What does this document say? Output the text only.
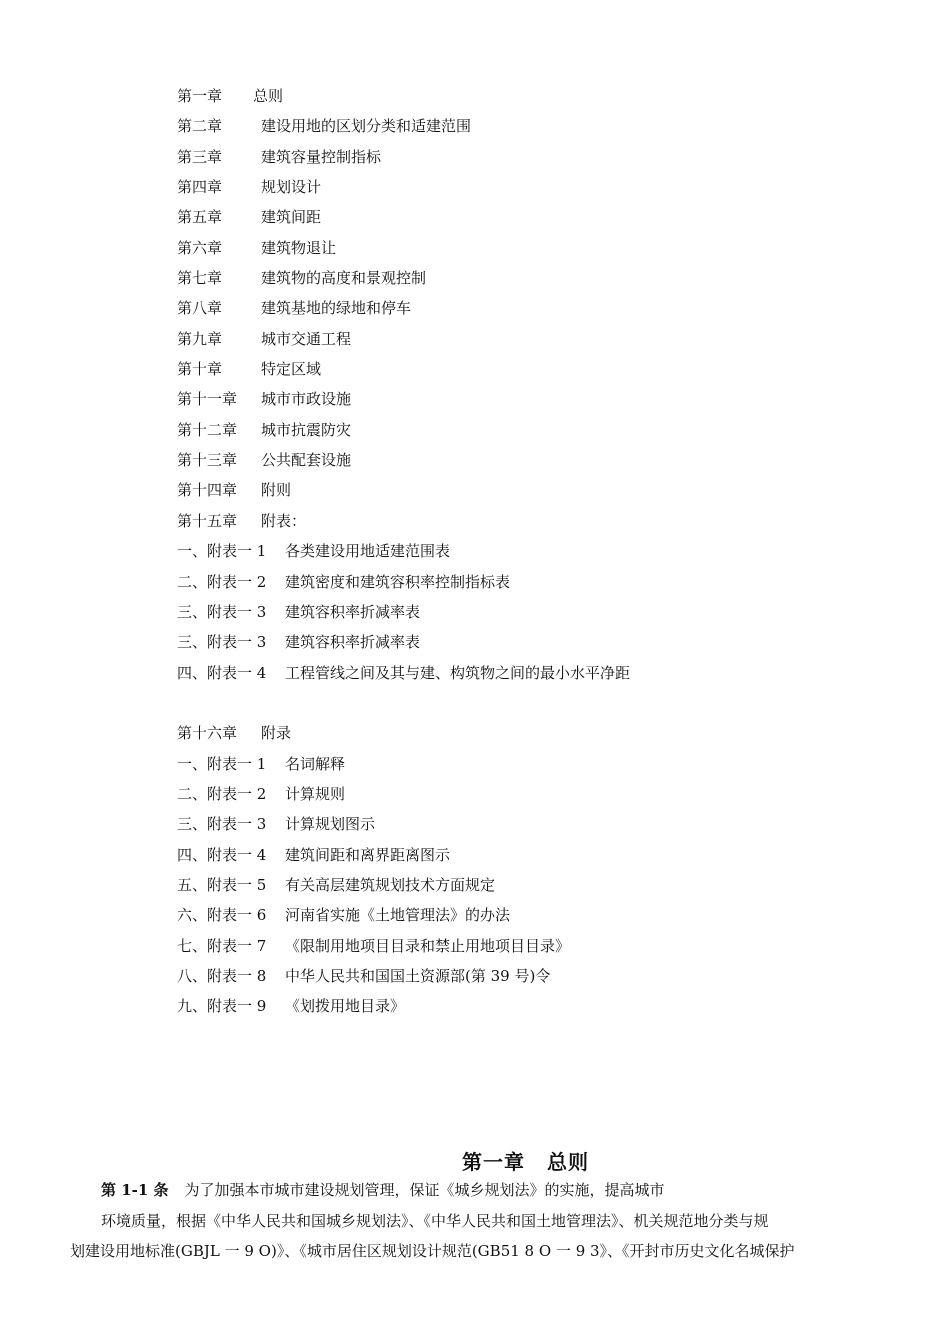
第一章 总则
第二章	建设用地的区划分类和适建范围
第三章	建筑容量控制指标
第四章	规划设计
第五章	建筑间距
第六章	建筑物退让
第七章	建筑物的高度和景观控制
第八章	建筑基地的绿地和停车
第九章	城市交通工程
第十章	特定区域
第十一章 城市市政设施
第十二章 城市抗震防灾
第十三章 公共配套设施
第十四章 附则
第十五章 附表：
一、附表一 1 各类建设用地适建范围表
二、附表一 2 建筑密度和建筑容积率控制指标表
三、附表一 3 建筑容积率折减率表
三、附表一 3 建筑容积率折减率表
四、附表一 4 工程管线之间及其与建、构筑物之间的最小水平净距
第十六章 附录
一、附表一 1 名词解释
二、附表一 2 计算规则
三、附表一 3 计算规划图示
四、附表一 4 建筑间距和离界距离图示
五、附表一 5 有关高层建筑规划技术方面规定
六、附表一 6 河南省实施《土地管理法》的办法
七、附表一 7 《限制用地项目目录和禁止用地项目目录》
八、附表一 8 中华人民共和国国土资源部(第 39 号)令
九、附表一 9 《划拨用地目录》
第一章 总则
第 1-1 条 为了加强本市城市建设规划管理，保证《城乡规划法》的实施，提高城市
环境质量，根据《中华人民共和国城乡规划法》、《中华人民共和国土地管理法》、机关规范地分类与规
划建设用地标准(GBJL 一 9 O)》、《城市居住区规划设计规范(GB51 8 O 一 9 3》、《开封市历史文化名城保护
